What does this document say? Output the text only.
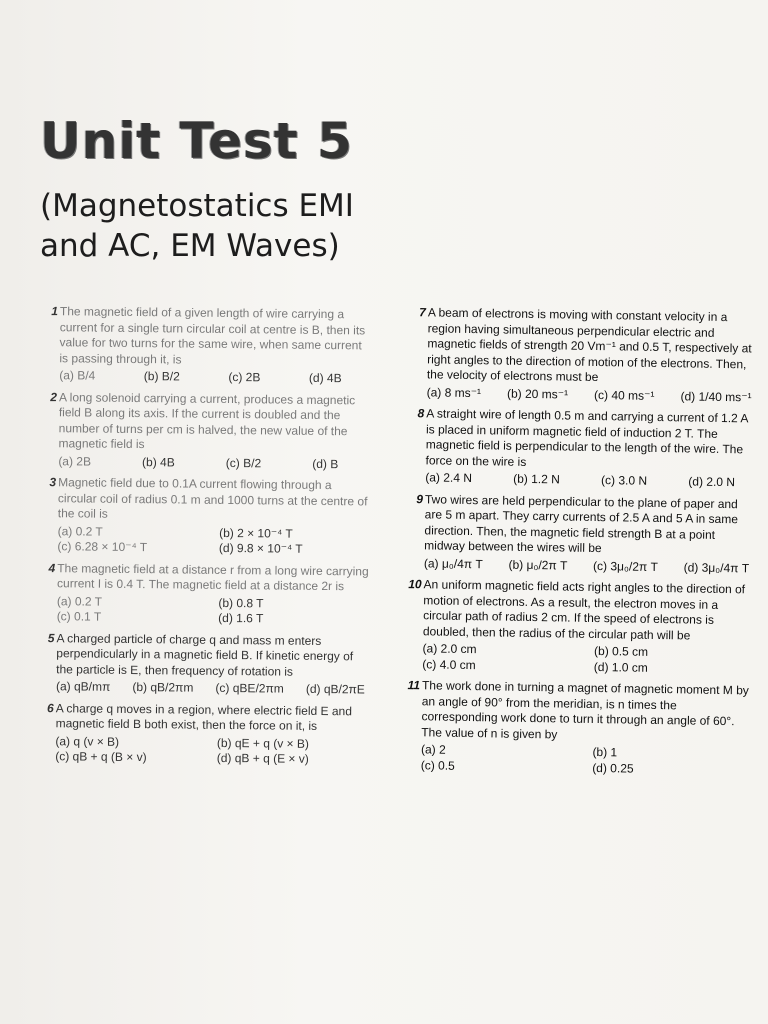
Unit Test 5
(Magnetostatics EMI
and AC, EM Waves)
1 The magnetic field of a given length of wire carrying a current for a single turn circular coil at centre is B, then its value for two turns for the same wire, when same current is passing through it, is
(a) B/4	(b) B/2	(c) 2B	(d) 4B
2 A long solenoid carrying a current, produces a magnetic field B along its axis. If the current is doubled and the number of turns per cm is halved, the new value of the magnetic field is
(a) 2B	(b) 4B	(c) B/2	(d) B
3 Magnetic field due to 0.1A current flowing through a circular coil of radius 0.1 m and 1000 turns at the centre of the coil is
(a) 0.2 T	(b) 2 × 10⁻⁴ T
(c) 6.28 × 10⁻⁴ T	(d) 9.8 × 10⁻⁴ T
4 The magnetic field at a distance r from a long wire carrying current I is 0.4 T. The magnetic field at a distance 2r is
(a) 0.2 T	(b) 0.8 T
(c) 0.1 T	(d) 1.6 T
5 A charged particle of charge q and mass m enters perpendicularly in a magnetic field B. If kinetic energy of the particle is E, then frequency of rotation is
(a) qB/mπ	(b) qB/2πm	(c) qBE/2πm	(d) qB/2πE
6 A charge q moves in a region, where electric field E and magnetic field B both exist, then the force on it, is
(a) q (v × B)	(b) qE + q (v × B)
(c) qB + q (B × v)	(d) qB + q (E × v)
7 A beam of electrons is moving with constant velocity in a region having simultaneous perpendicular electric and magnetic fields of strength 20 Vm⁻¹ and 0.5 T, respectively at right angles to the direction of motion of the electrons. Then, the velocity of electrons must be
(a) 8 ms⁻¹	(b) 20 ms⁻¹	(c) 40 ms⁻¹	(d) 1/40 ms⁻¹
8 A straight wire of length 0.5 m and carrying a current of 1.2 A is placed in uniform magnetic field of induction 2 T. The magnetic field is perpendicular to the length of the wire. The force on the wire is
(a) 2.4 N	(b) 1.2 N	(c) 3.0 N	(d) 2.0 N
9 Two wires are held perpendicular to the plane of paper and are 5 m apart. They carry currents of 2.5 A and 5 A in same direction. Then, the magnetic field strength B at a point midway between the wires will be
(a) μ₀/4π T	(b) μ₀/2π T	(c) 3μ₀/2π T	(d) 3μ₀/4π T
10 An uniform magnetic field acts right angles to the direction of motion of electrons. As a result, the electron moves in a circular path of radius 2 cm. If the speed of electrons is doubled, then the radius of the circular path will be
(a) 2.0 cm	(b) 0.5 cm
(c) 4.0 cm	(d) 1.0 cm
11 The work done in turning a magnet of magnetic moment M by an angle of 90° from the meridian, is n times the corresponding work done to turn it through an angle of 60°. The value of n is given by
(a) 2	(b) 1
(c) 0.5	(d) 0.25
